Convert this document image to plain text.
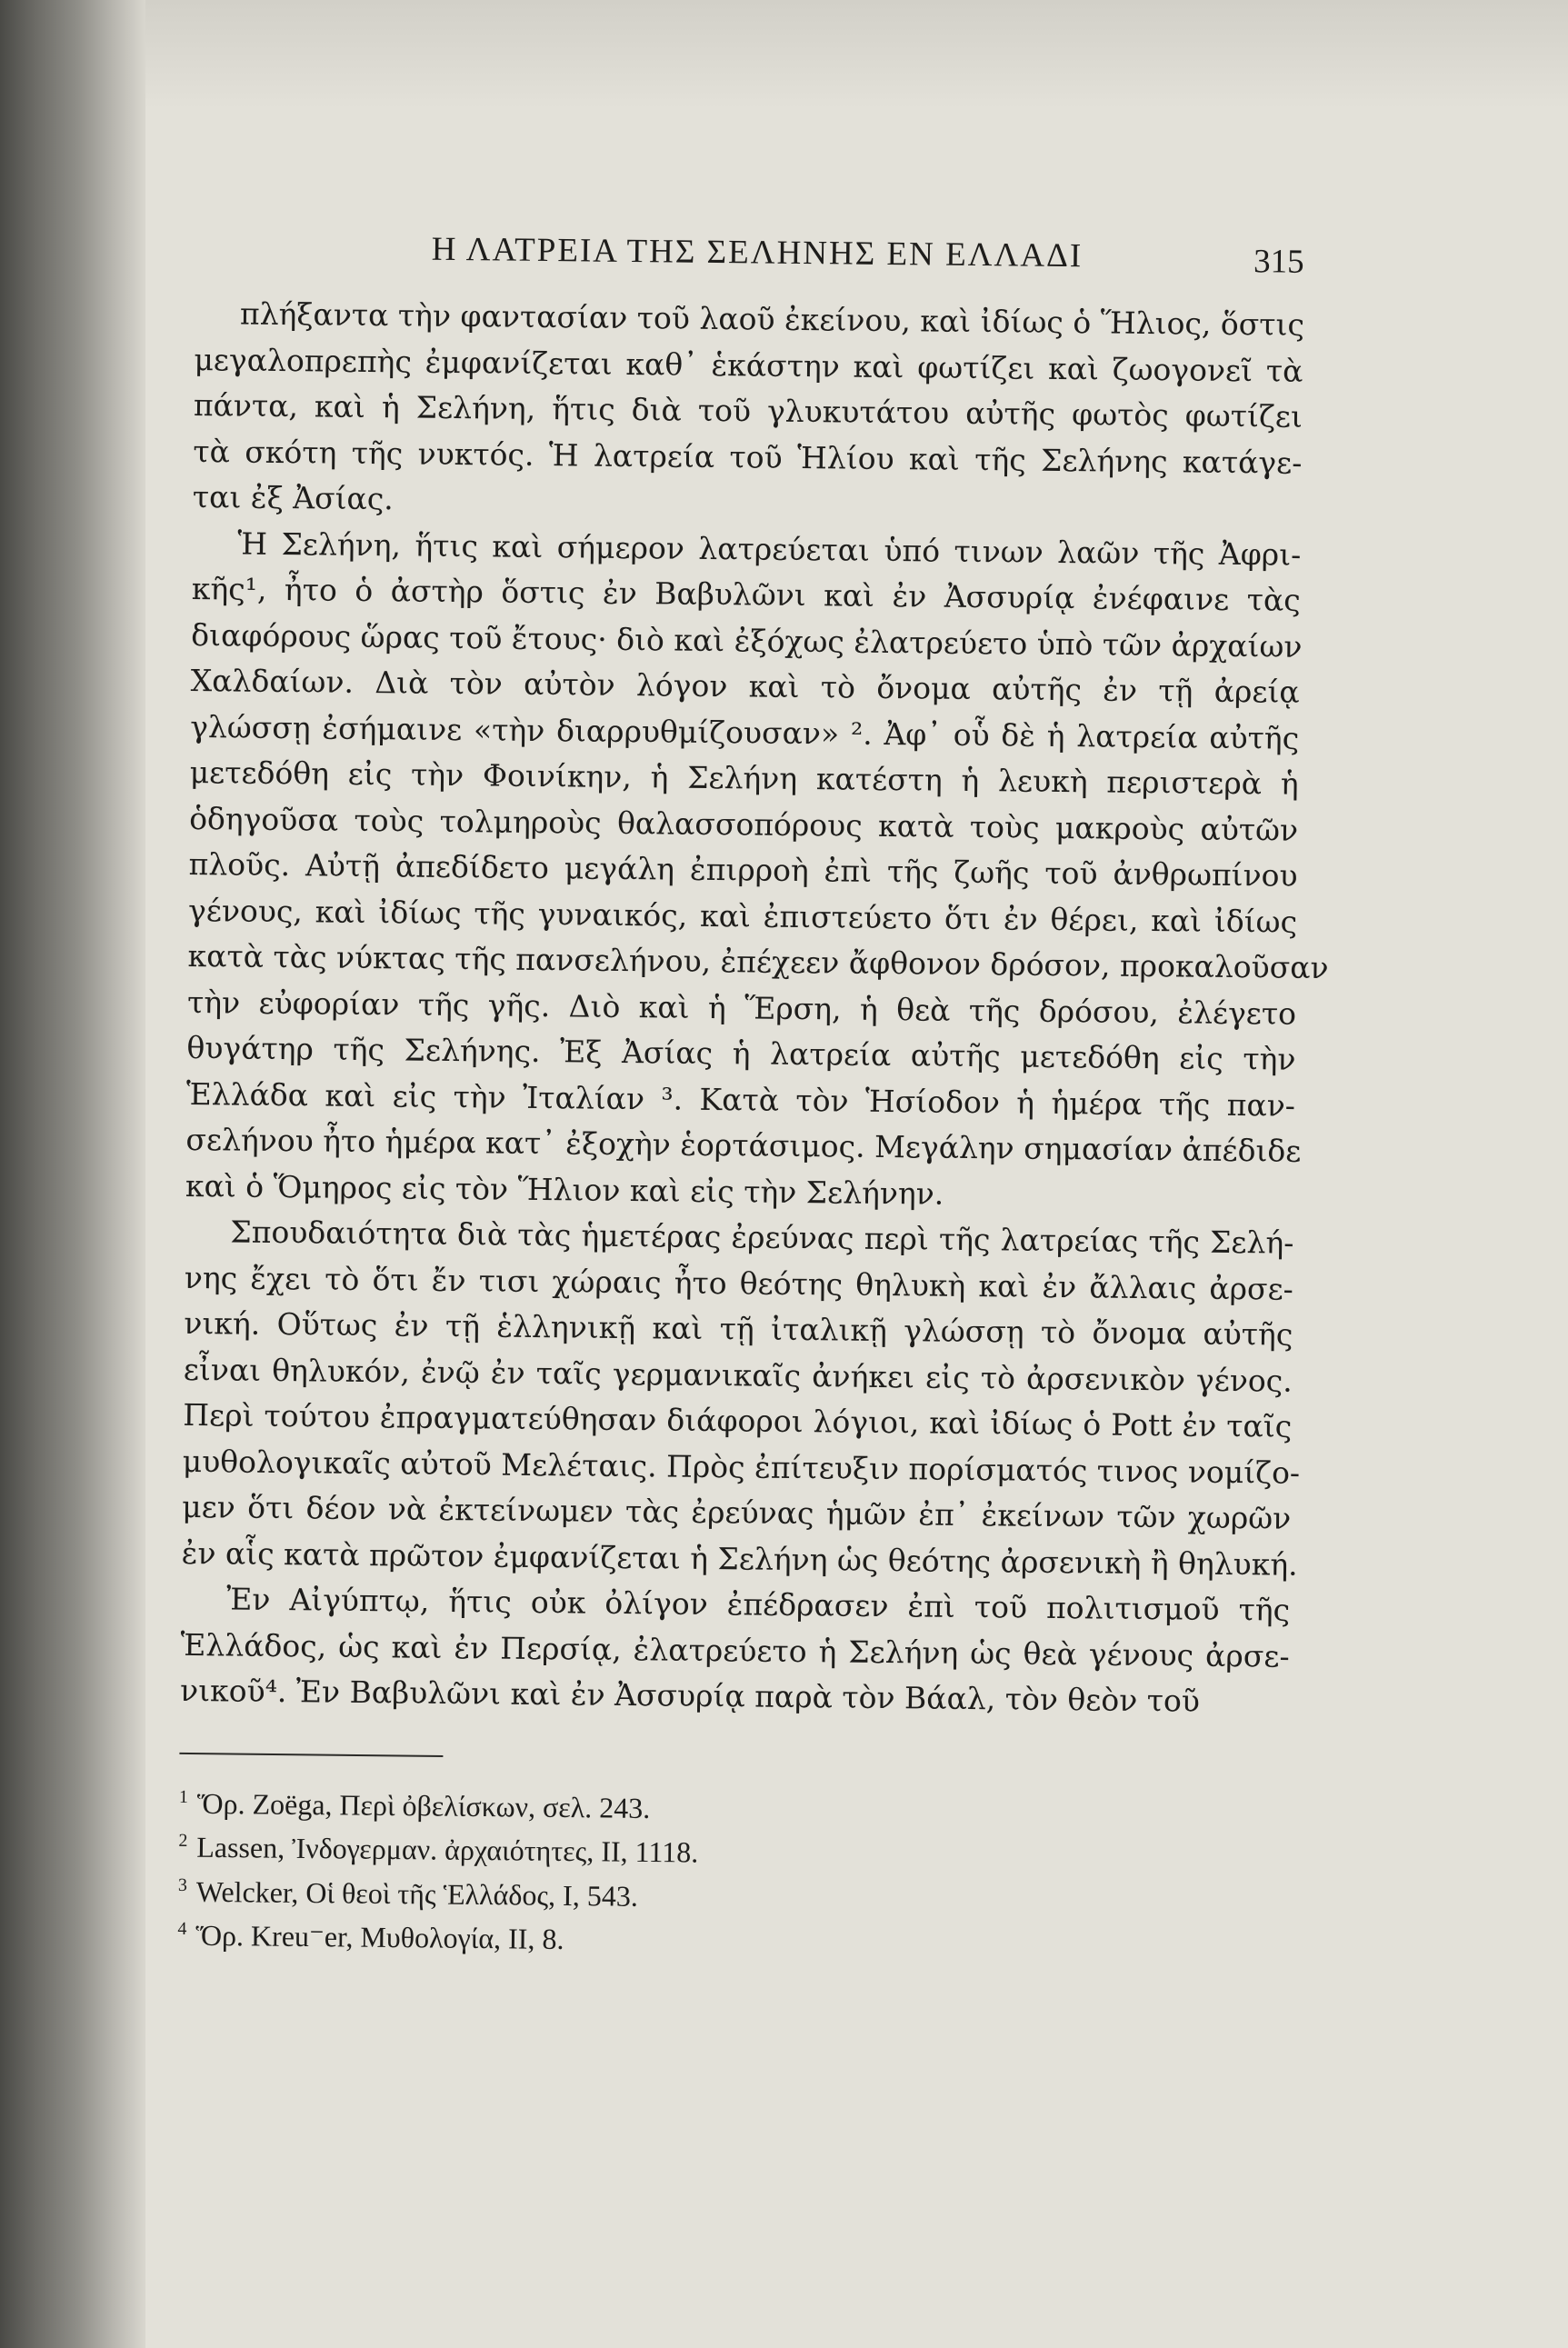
Η ΛΑΤΡΕΙΑ ΤΗΣ ΣΕΛΗΝΗΣ ΕΝ ΕΛΛΑΔΙ	315

πλήξαντα τὴν φαντασίαν τοῦ λαοῦ ἐκείνου, καὶ ἰδίως ὁ Ἥλιος, ὅστις
μεγαλοπρεπὴς ἐμφανίζεται καθ᾿ ἑκάστην καὶ φωτίζει καὶ ζωογονεῖ τὰ
πάντα, καὶ ἡ Σελήνη, ἥτις διὰ τοῦ γλυκυτάτου αὐτῆς φωτὸς φωτίζει
τὰ σκότη τῆς νυκτός. Ἡ λατρεία τοῦ Ἡλίου καὶ τῆς Σελήνης κατάγε-
ται ἐξ Ἀσίας.

Ἡ Σελήνη, ἥτις καὶ σήμερον λατρεύεται ὑπό τινων λαῶν τῆς Ἀφρι-
κῆς¹, ἦτο ὁ ἀστὴρ ὅστις ἐν Βαβυλῶνι καὶ ἐν Ἀσσυρίᾳ ἐνέφαινε τὰς
διαφόρους ὥρας τοῦ ἔτους· διὸ καὶ ἐξόχως ἐλατρεύετο ὑπὸ τῶν ἀρχαίων
Χαλδαίων. Διὰ τὸν αὐτὸν λόγον καὶ τὸ ὄνομα αὐτῆς ἐν τῇ ἀρείᾳ
γλώσσῃ ἐσήμαινε «τὴν διαρρυθμίζουσαν» ². Ἀφ᾿ οὗ δὲ ἡ λατρεία αὐτῆς
μετεδόθη εἰς τὴν Φοινίκην, ἡ Σελήνη κατέστη ἡ λευκὴ περιστερὰ ἡ
ὁδηγοῦσα τοὺς τολμηροὺς θαλασσοπόρους κατὰ τοὺς μακροὺς αὐτῶν
πλοῦς. Αὐτῇ ἀπεδίδετο μεγάλη ἐπιρροὴ ἐπὶ τῆς ζωῆς τοῦ ἀνθρωπίνου
γένους, καὶ ἰδίως τῆς γυναικός, καὶ ἐπιστεύετο ὅτι ἐν θέρει, καὶ ἰδίως
κατὰ τὰς νύκτας τῆς πανσελήνου, ἐπέχεεν ἄφθονον δρόσον, προκαλοῦσαν
τὴν εὐφορίαν τῆς γῆς. Διὸ καὶ ἡ Ἕρση, ἡ θεὰ τῆς δρόσου, ἐλέγετο
θυγάτηρ τῆς Σελήνης. Ἐξ Ἀσίας ἡ λατρεία αὐτῆς μετεδόθη εἰς τὴν
Ἑλλάδα καὶ εἰς τὴν Ἰταλίαν ³. Κατὰ τὸν Ἡσίοδον ἡ ἡμέρα τῆς παν-
σελήνου ἦτο ἡμέρα κατ᾿ ἐξοχὴν ἑορτάσιμος. Μεγάλην σημασίαν ἀπέδιδε
καὶ ὁ Ὅμηρος εἰς τὸν Ἥλιον καὶ εἰς τὴν Σελήνην.

Σπουδαιότητα διὰ τὰς ἡμετέρας ἐρεύνας περὶ τῆς λατρείας τῆς Σελή-
νης ἔχει τὸ ὅτι ἔν τισι χώραις ἦτο θεότης θηλυκὴ καὶ ἐν ἄλλαις ἀρσε-
νική. Οὕτως ἐν τῇ ἑλληνικῇ καὶ τῇ ἰταλικῇ γλώσσῃ τὸ ὄνομα αὐτῆς
εἶναι θηλυκόν, ἐνῷ ἐν ταῖς γερμανικαῖς ἀνήκει εἰς τὸ ἀρσενικὸν γένος.
Περὶ τούτου ἐπραγματεύθησαν διάφοροι λόγιοι, καὶ ἰδίως ὁ Pott ἐν ταῖς
μυθολογικαῖς αὐτοῦ Μελέταις. Πρὸς ἐπίτευξιν πορίσματός τινος νομίζο-
μεν ὅτι δέον νὰ ἐκτείνωμεν τὰς ἐρεύνας ἡμῶν ἐπ᾿ ἐκείνων τῶν χωρῶν
ἐν αἷς κατὰ πρῶτον ἐμφανίζεται ἡ Σελήνη ὡς θεότης ἀρσενικὴ ἢ θηλυκή.

Ἐν Αἰγύπτῳ, ἥτις οὐκ ὀλίγον ἐπέδρασεν ἐπὶ τοῦ πολιτισμοῦ τῆς
Ἑλλάδος, ὡς καὶ ἐν Περσίᾳ, ἐλατρεύετο ἡ Σελήνη ὡς θεὰ γένους ἀρσε-
νικοῦ⁴. Ἐν Βαβυλῶνι καὶ ἐν Ἀσσυρίᾳ παρὰ τὸν Βάαλ, τὸν θεὸν τοῦ

1 Ὅρ. Zoëga, Περὶ ὀβελίσκων, σελ. 243.
2 Lassen, Ἰνδογερμαν. ἀρχαιότητες, II, 1118.
3 Welcker, Οἱ θεοὶ τῆς Ἑλλάδος, I, 543.
4 Ὅρ. Kreu⁻er, Μυθολογία, II, 8.
